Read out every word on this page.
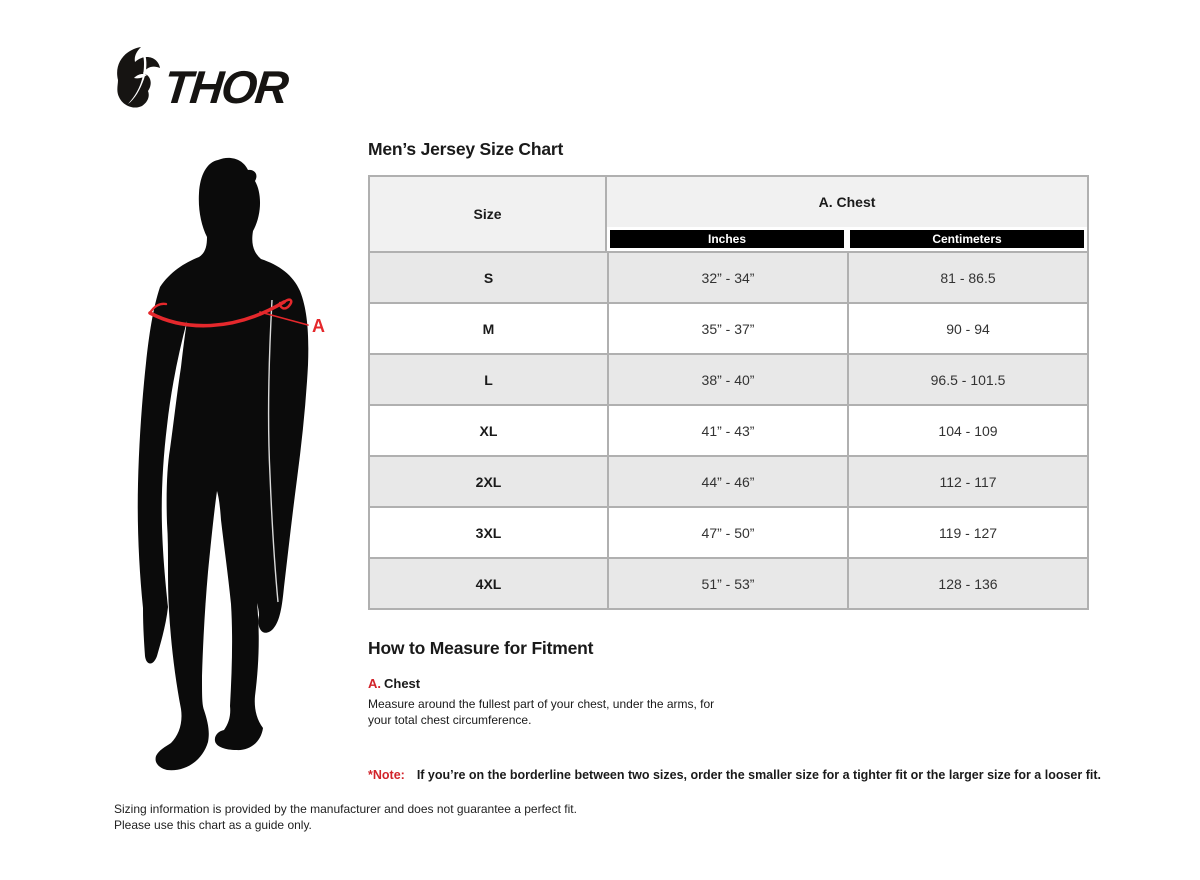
THOR
A
Men’s Jersey Size Chart
Size	A. Chest	

	Inches	Centimeters

S	32” - 34”	81 - 86.5
M	35” - 37”	90 - 94
L	38” - 40”	96.5 - 101.5
XL	41” - 43”	104 - 109
2XL	44” - 46”	112 - 117
3XL	47” - 50”	119 - 127
4XL	51” - 53”	128 - 136
How to Measure for Fitment
A. Chest
Measure around the fullest part of your chest, under the arms, for your total chest circumference.
*Note: If you’re on the borderline between two sizes, order the smaller size for a tighter fit or the larger size for a looser fit.
Sizing information is provided by the manufacturer and does not guarantee a perfect fit.
Please use this chart as a guide only.
